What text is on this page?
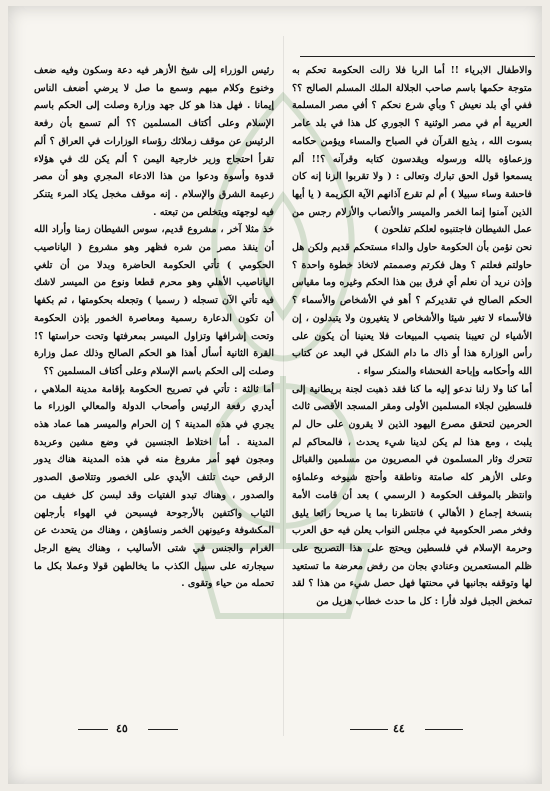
والاطفال الابرياء !! أما الربا فلا زالت الحكومة تحكم به متوجة حكمها باسم صاحب الجلالة الملك المسلم الصالح ؟؟ ففي أي بلد نعيش ؟ وبأي شرع نحكم ؟ أفي مصر المسلمة العربية أم في مصر الوثنية ؟ الجوري كل هذا في بلد عامر بسوت الله ، يذيع القرآن في الصباح والمساء ويؤمن حكامه وزعماؤه بالله ورسوله ويقدسون كتابه وقرآنه ؟!! ألم يسمعوا قول الحق تبارك وتعالى : ( ولا تقربوا الزنا إنه كان فاحشة وساء سبيلا ) أم لم تقرع آذانهم الآية الكريمة ( يا أيها الذين آمنوا إنما الخمر والميسر والأنصاب والأزلام رجس من عمل الشيطان فاجتنبوه لعلكم تفلحون )

نحن نؤمن بأن الحكومة حاول والداء مستحكم قديم ولكن هل حاولتم فعلتم ؟ وهل فكرتم وصممتم لاتخاذ خطوة واحدة ؟ وإذن نريد أن نعلم أي فرق بين هذا الحكم وغيره وما مقياس الحكم الصالح في تقديركم ؟ أهو في الأشخاص والأسماء ؟ فالأسماء لا تغير شيئا والأشخاص لا يتغيرون ولا يتبدلون ، إن الأشياء لن تعيبنا بنصيب المبيعات فلا يعنينا أن يكون على رأس الوزارة هذا أو ذاك ما دام الشكل في البعد عن كتاب الله وأحكامه وإباحة الفحشاء والمنكر سواء .

أما كنا ولا زلنا ندعو إليه ما كنا فقد ذهبت لجنة بريطانية إلى فلسطين لجلاء المسلمين الأولى ومقر المسجد الأقصى ثالث الحرمين لتحقق مصرع اليهود الذين لا يقرون على حال لم يلبث ، ومع هذا لم يكن لدينا شيء يحدث ، فالمحاكم لم تتحرك وثار المسلمون في المصريون من مسلمين والقبائل وعلى الأزهر كله صامتة وناطقة وأحتج شيوخه وعلماؤه وانتظر بالموقف الحكومة ( الرسمي ) بعد أن قامت الأمة بنسخة إجماع ( الأهالي ) فانتظرنا بما يا صريحا رائعا يليق وفخر مصر الحكومية في مجلس النواب يعلن فيه حق العرب وحرمة الإسلام في فلسطين ويحتج على هذا التصريح على ظلم المستعمرين وعنادي بجان من رفض معرضة ما تستعيد لها وتوقفه بجانبها في محنتها فهل حصل شيء من هذا ؟ لقد تمخض الجبل فولد فأرا : كل ما حدث خطاب هزيل من

رئيس الوزراء إلى شيخ الأزهر فيه دعة وسكون وفيه ضعف وخنوع وكلام مبهم وسمع ما صل لا يرضي أضعف الناس إيمانا . فهل هذا هو كل جهد وزارة وصلت إلى الحكم باسم الإسلام وعلى أكتاف المسلمين ؟؟ ألم تسمع بأن رفعة الرئيس عن موقف زملائك رؤساء الوزارات في العراق ؟ ألم تقرأ احتجاج وزير خارجية اليمن ؟ ألم يكن لك في هؤلاء قدوة وأسوة ودعوا من هذا الادعاء المجري وهو أن مصر زعيمة الشرق والإسلام . إنه موقف مخجل يكاد المرء يتنكر فيه لوجهته ويتخلص من تبعته .

خذ مثلا آخر ، مشروع قديم، سوس الشيطان زمنا وأراد الله أن ينقذ مصر من شره فظهر وهو مشروع ( الياناصيب الحكومي ) تأتي الحكومة الحاضرة وبدلا من أن تلغي الياناصيب الأهلي وهو محرم قطعا ونوع من الميسر لاشك فيه تأتي الآن تسجله ( رسميا ) وتجعله بحكومتها ، ثم بكفها أن تكون الدعارة رسمية ومعاصرة الخمور بإذن الحكومة وتحت إشرافها وتزاول الميسر بمعرفتها وتحت حراستها ؟! القرة الثانية أسأل أهذا هو الحكم الصالح وذلك عمل وزارة وصلت إلى الحكم باسم الإسلام وعلى أكتاف المسلمين ؟؟

أما ثالثة : تأتي في تصريح الحكومة بإقامة مدينة الملاهي ، أيدري رفعة الرئيس وأصحاب الدولة والمعالي الوزراء ما يجري في هذه المدينة ؟ إن الحرام والميسر هما عماد هذه المدينة . أما اختلاط الجنسين في وضع مشين وعربدة ومجون فهو أمر مفروغ منه في هذه المدينة هناك يدور الرقص حيث تلتف الأيدي على الخصور وتتلاصق الصدور والصدور ، وهناك تبدو الفتيات وقد لبسن كل خفيف من الثياب واكتفين بالأرجوحة فيسبحن في الهواء بأرجلهن المكشوفة وعيونهن الخمر ونساؤهن ، وهناك من يتحدث عن الغرام والجنس في شتى الأساليب ، وهناك يضع الرجل سيجارته على سبيل الكذب ما يخالطهن قولا وعملا بكل ما تحمله من حياء وتقوى .

٤٥	٤٤
